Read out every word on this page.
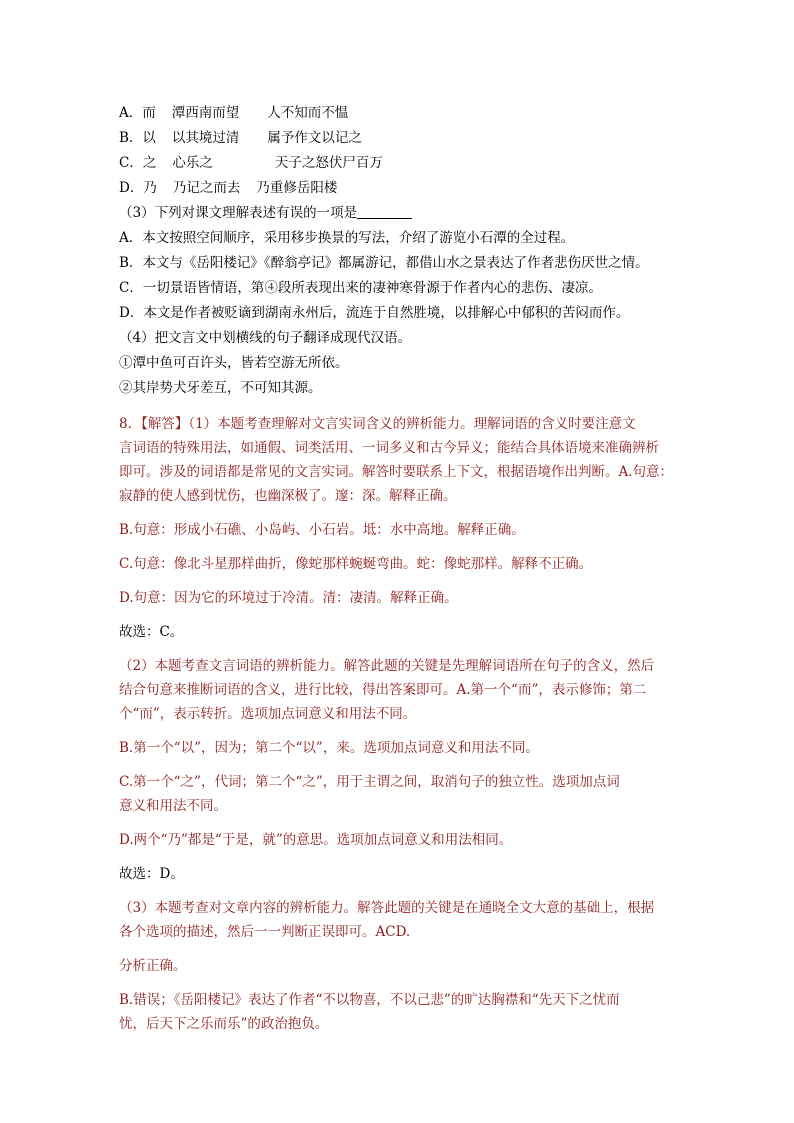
A．而 潭西南而望 人不知而不愠
B．以 以其境过清 属予作文以记之
C．之 心乐之	天子之怒伏尸百万
D．乃 乃记之而去 乃重修岳阳楼
（3）下列对课文理解表述有误的一项是
A．本文按照空间顺序，采用移步换景的写法，介绍了游览小石潭的全过程。
B．本文与《岳阳楼记》《醉翁亭记》都属游记，都借山水之景表达了作者悲伤厌世之情。
C．一切景语皆情语，第④段所表现出来的凄神寒骨源于作者内心的悲伤、凄凉。
D．本文是作者被贬谪到湖南永州后，流连于自然胜境，以排解心中郁积的苦闷而作。
（4）把文言文中划横线的句子翻译成现代汉语。
①潭中鱼可百许头，皆若空游无所依。
②其岸势犬牙差互，不可知其源。
8．【解答】（1）本题考查理解对文言实词含义的辨析能力。理解词语的含义时要注意文
言词语的特殊用法，如通假、词类活用、一词多义和古今异义；能结合具体语境来准确辨析
即可。涉及的词语都是常见的文言实词。解答时要联系上下文，根据语境作出判断。A.句意：
寂静的使人感到忧伤，也幽深极了。邃：深。解释正确。
B.句意：形成小石礁、小岛屿、小石岩。坻：水中高地。解释正确。
C.句意：像北斗星那样曲折，像蛇那样蜿蜒弯曲。蛇：像蛇那样。解释不正确。
D.句意：因为它的环境过于冷清。清：凄清。解释正确。
故选：C。
（2）本题考查文言词语的辨析能力。解答此题的关键是先理解词语所在句子的含义，然后
结合句意来推断词语的含义，进行比较，得出答案即可。A.第一个“而”，表示修饰；第二
个“而”，表示转折。选项加点词意义和用法不同。
B.第一个“以”，因为；第二个“以”，来。选项加点词意义和用法不同。
C.第一个“之”，代词；第二个“之”，用于主谓之间，取消句子的独立性。选项加点词
意义和用法不同。
D.两个“乃”都是“于是，就”的意思。选项加点词意义和用法相同。
故选：D。
（3）本题考查对文章内容的辨析能力。解答此题的关键是在通晓全文大意的基础上，根据
各个选项的描述，然后一一判断正误即可。ACD.
分析正确。
B.错误；《岳阳楼记》表达了作者“不以物喜，不以己悲”的旷达胸襟和“先天下之忧而
忧，后天下之乐而乐”的政治抱负。
